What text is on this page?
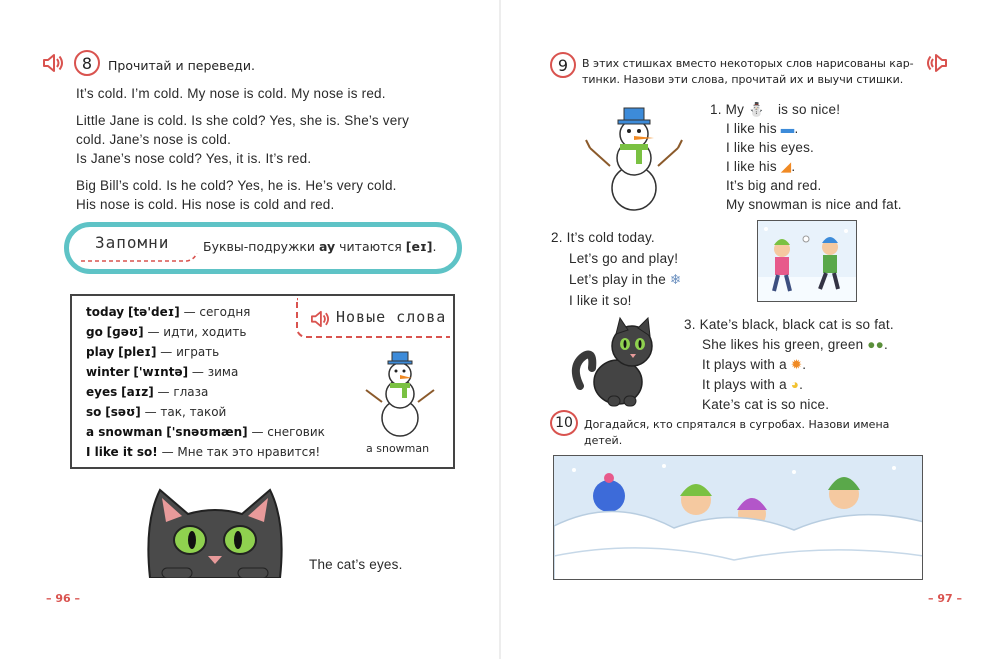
8	Прочитай и переведи.

It’s cold. I’m cold. My nose is cold. My nose is red.

Little Jane is cold. Is she cold? Yes, she is. She’s very

cold. Jane’s nose is cold.

Is Jane’s nose cold? Yes, it is. It’s red.

Big Bill’s cold. Is he cold? Yes, he is. He’s very cold.

His nose is cold. His nose is cold and red.

Запомни	Буквы-подружки ay читаются [eɪ].
today [tə'deɪ] — сегодня
go [ɡəʊ] — идти, ходить
play [pleɪ] — играть
winter ['wɪntə] — зима
eyes [aɪz] — глаза
so [səʊ] — так, такой
a snowman ['snəʊmæn] — снеговик
I like it so! — Мне так это нравится!
Новые слова
a snowman
The cat’s eyes.
– 96 –
9	В этих стишках вместо некоторых слов нарисованы кар-
тинки. Назови эти слова, прочитай их и выучи стишки.

1. My ⛄ is so nice!

I like his ▬.

I like his eyes.

I like his ◢.

It’s big and red.

My snowman is nice and fat.

2. It’s cold today.

Let’s go and play!

Let’s play in the ❄

I like it so!

3. Kate’s black, black cat is so fat.

She likes his green, green ●●.

It plays with a ✹.

It plays with a ◕.

Kate’s cat is so nice.

10	Догадайся, кто спрятался в сугробах. Назови имена
детей.
– 97 –
